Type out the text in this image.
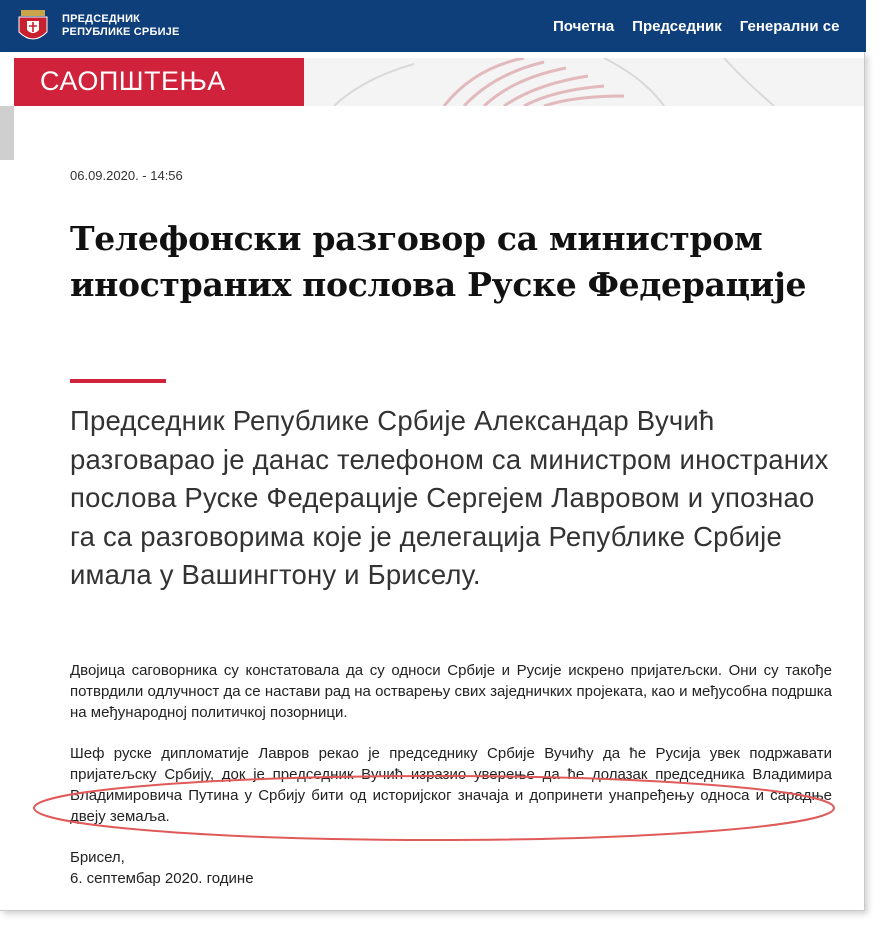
ПРЕДСЕДНИК
РЕПУБЛИКЕ СРБИЈЕ	Почетна Председник Генерални се
САОПШТЕЊА
06.09.2020. - 14:56
Телефонски разговор са министром иностраних послова Руске Федерације

Председник Републике Србије Александар Вучић разговарао је данас телефоном са министром иностраних послова Руске Федерације Сергејем Лавровом и упознао га са разговорима које је делегација Републике Србије имала у Вашингтону и Бриселу.

Двојица саговорника су констатовала да су односи Србије и Русије искрено пријатељски. Они су такође потврдили одлучност да се настави рад на остварењу свих заједничких пројеката, као и међусобна подршка на међународној политичкој позорници.

Шеф руске дипломатије Лавров рекао је председнику Србије Вучићу да ће Русија увек подржавати пријатељску Србију, док је председник Вучић изразио уверење да ће долазак председника Владимира Владимировича Путина у Србију бити од историјског значаја и допринети унапређењу односа и сарадње двеју земаља.

Брисел,
6. септембар 2020. године
